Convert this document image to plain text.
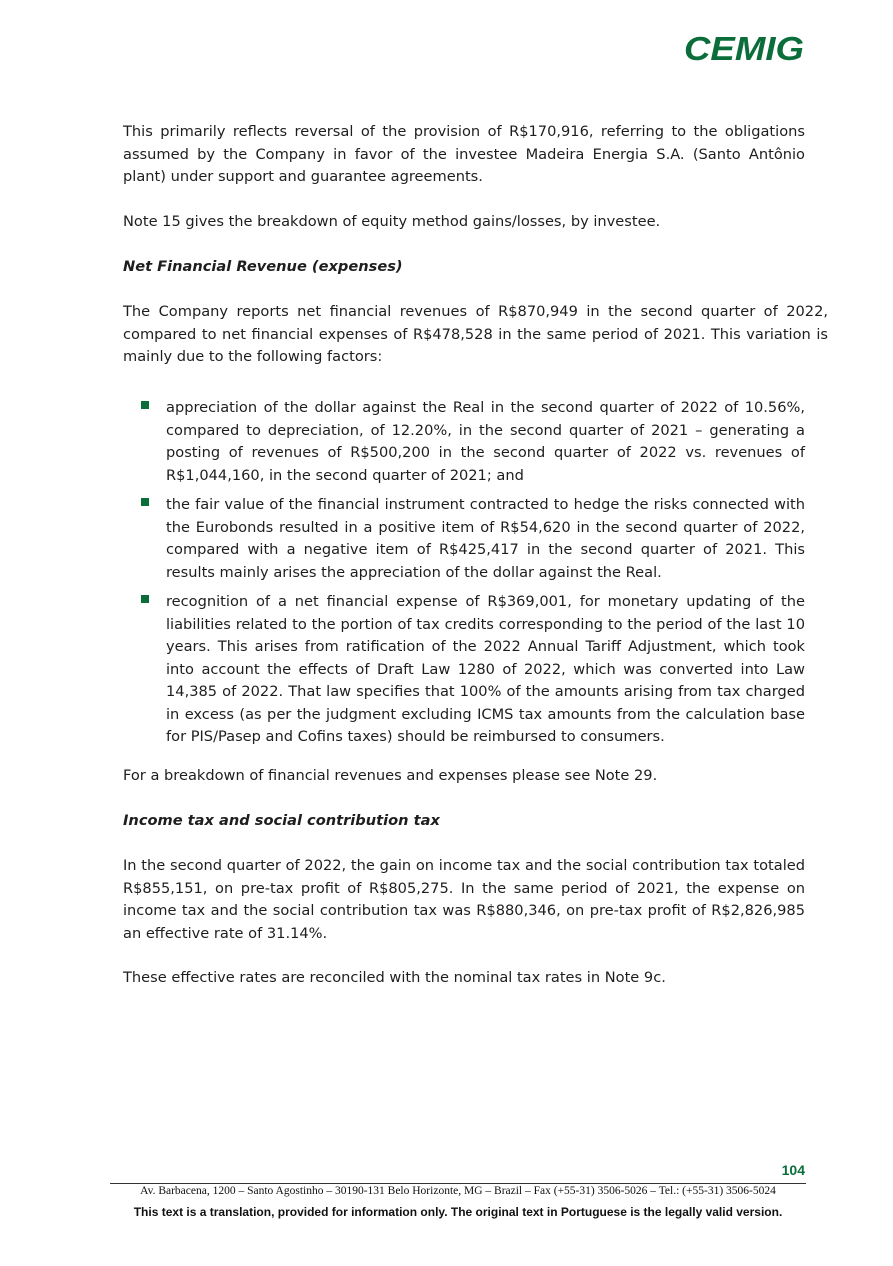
CEMIG

This primarily reflects reversal of the provision of R$170,916, referring to the obligations assumed by the Company in favor of the investee Madeira Energia S.A. (Santo Antônio plant) under support and guarantee agreements.

Note 15 gives the breakdown of equity method gains/losses, by investee.

Net Financial Revenue (expenses)

The Company reports net financial revenues of R$870,949 in the second quarter of 2022, compared to net financial expenses of R$478,528 in the same period of 2021. This variation is mainly due to the following factors:

appreciation of the dollar against the Real in the second quarter of 2022 of 10.56%, compared to depreciation, of 12.20%, in the second quarter of 2021 – generating a posting of revenues of R$500,200 in the second quarter of 2022 vs. revenues of R$1,044,160, in the second quarter of 2021; and

the fair value of the financial instrument contracted to hedge the risks connected with the Eurobonds resulted in a positive item of R$54,620 in the second quarter of 2022, compared with a negative item of R$425,417 in the second quarter of 2021. This results mainly arises the appreciation of the dollar against the Real.

recognition of a net financial expense of R$369,001, for monetary updating of the liabilities related to the portion of tax credits corresponding to the period of the last 10 years. This arises from ratification of the 2022 Annual Tariff Adjustment, which took into account the effects of Draft Law 1280 of 2022, which was converted into Law 14,385 of 2022. That law specifies that 100% of the amounts arising from tax charged in excess (as per the judgment excluding ICMS tax amounts from the calculation base for PIS/Pasep and Cofins taxes) should be reimbursed to consumers.

For a breakdown of financial revenues and expenses please see Note 29.

Income tax and social contribution tax

In the second quarter of 2022, the gain on income tax and the social contribution tax totaled R$855,151, on pre-tax profit of R$805,275. In the same period of 2021, the expense on income tax and the social contribution tax was R$880,346, on pre-tax profit of R$2,826,985 an effective rate of 31.14%.

These effective rates are reconciled with the nominal tax rates in Note 9c.

104
Av. Barbacena, 1200 – Santo Agostinho – 30190-131 Belo Horizonte, MG – Brazil – Fax (+55-31) 3506-5026 – Tel.: (+55-31) 3506-5024
This text is a translation, provided for information only. The original text in Portuguese is the legally valid version.
